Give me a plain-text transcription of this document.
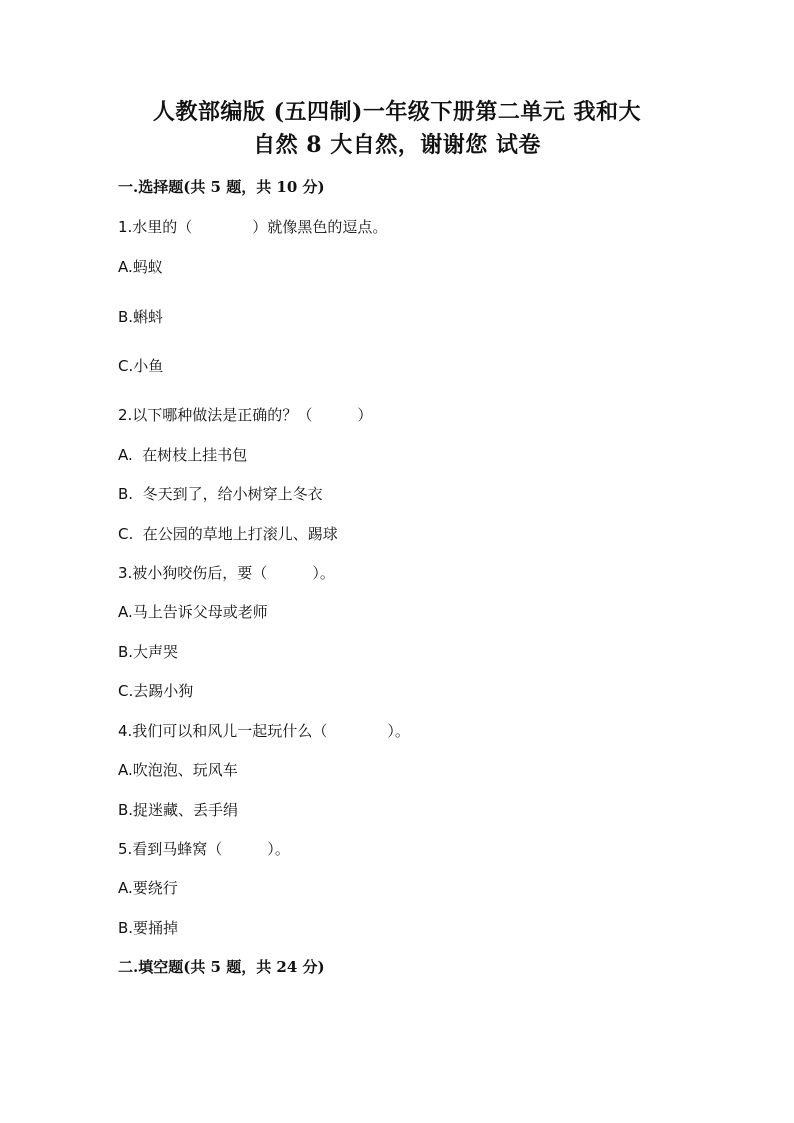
人教部编版 (五四制)一年级下册第二单元 我和大
自然 8 大自然，谢谢您 试卷
一.选择题(共 5 题，共 10 分)
1.水里的（　　　　）就像黑色的逗点。
A.蚂蚁
B.蝌蚪
C.小鱼
2.以下哪种做法是正确的？（　　　）
A.  在树枝上挂书包
B.  冬天到了，给小树穿上冬衣
C.  在公园的草地上打滚儿、踢球
3.被小狗咬伤后，要（　　　）。
A.马上告诉父母或老师
B.大声哭
C.去踢小狗
4.我们可以和风儿一起玩什么（　　　　）。
A.吹泡泡、玩风车
B.捉迷藏、丢手绢
5.看到马蜂窝（　　　）。
A.要绕行
B.要捅掉
二.填空题(共 5 题，共 24 分)
